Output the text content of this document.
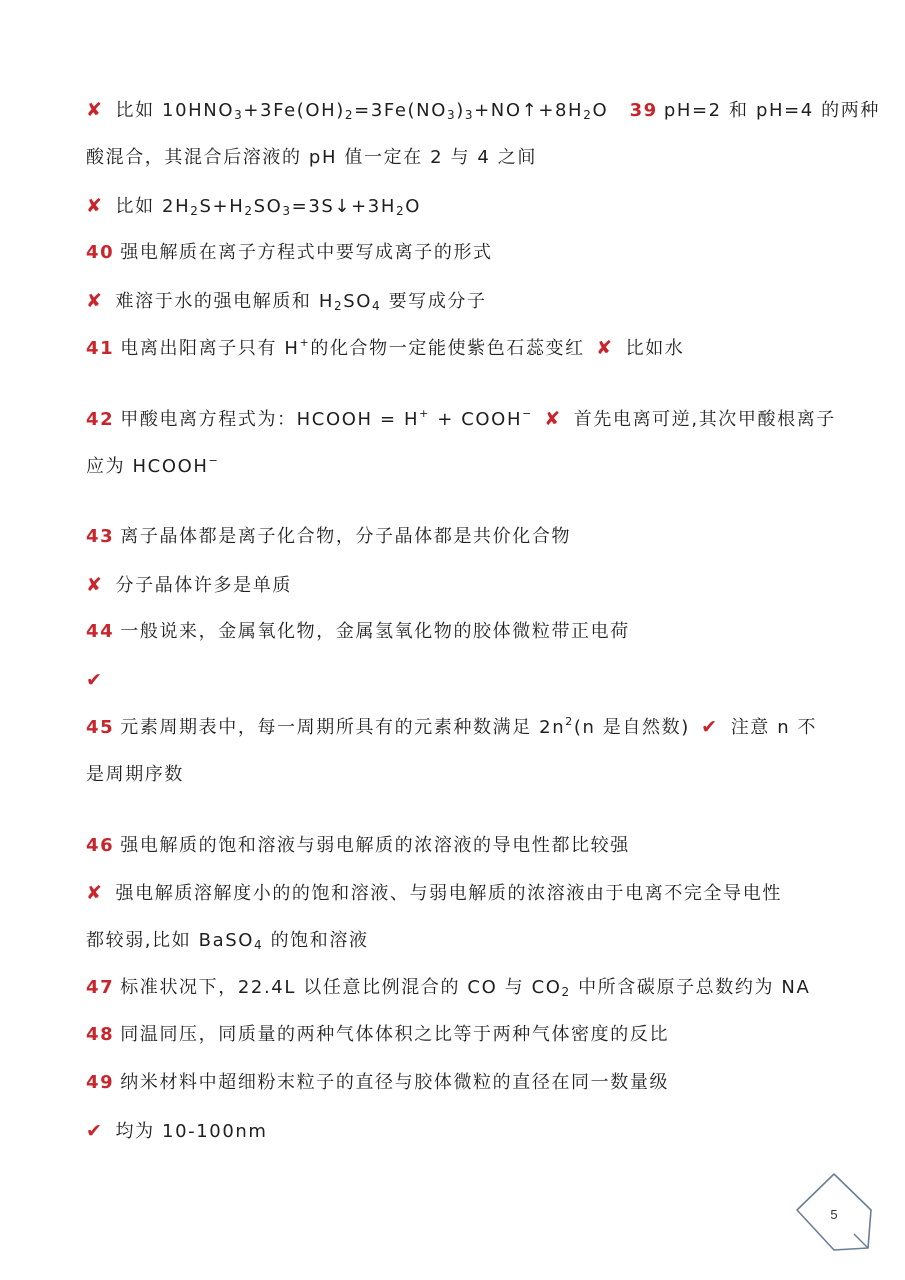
✘ 比如 $10HNO_3+3Fe(OH)_2=3Fe(NO_3)_3+NO↑+8H_2O$ 39 pH=2 和 pH=4 的两种
酸混合，其混合后溶液的 pH 值一定在 2 与 4 之间
✘ 比如 $2H_2S+H_2SO_3=3S↓+3H_2O$
40 强电解质在离子方程式中要写成离子的形式
✘ 难溶于水的强电解质和 $H_2SO_4$ 要写成分子
41 电离出阳离子只有 H+的化合物一定能使紫色石蕊变红 ✘ 比如水
42 甲酸电离方程式为：HCOOH = H+ + COOH− ✘ 首先电离可逆,其次甲酸根离子
应为 HCOOH−
43 离子晶体都是离子化合物，分子晶体都是共价化合物
✘ 分子晶体许多是单质
44 一般说来，金属氧化物，金属氢氧化物的胶体微粒带正电荷
✔
45 元素周期表中，每一周期所具有的元素种数满足 $2n^2(n$ 是自然数) ✔ 注意 n 不
是周期序数
46 强电解质的饱和溶液与弱电解质的浓溶液的导电性都比较强
✘ 强电解质溶解度小的的饱和溶液、与弱电解质的浓溶液由于电离不完全导电性
都较弱,比如 BaSO$_4$ 的饱和溶液
47 标准状况下，22.4L 以任意比例混合的 CO 与 $CO_2$ 中所含碳原子总数约为 NA
48 同温同压，同质量的两种气体体积之比等于两种气体密度的反比
49 纳米材料中超细粉末粒子的直径与胶体微粒的直径在同一数量级
✔ 均为 10-100nm
5
